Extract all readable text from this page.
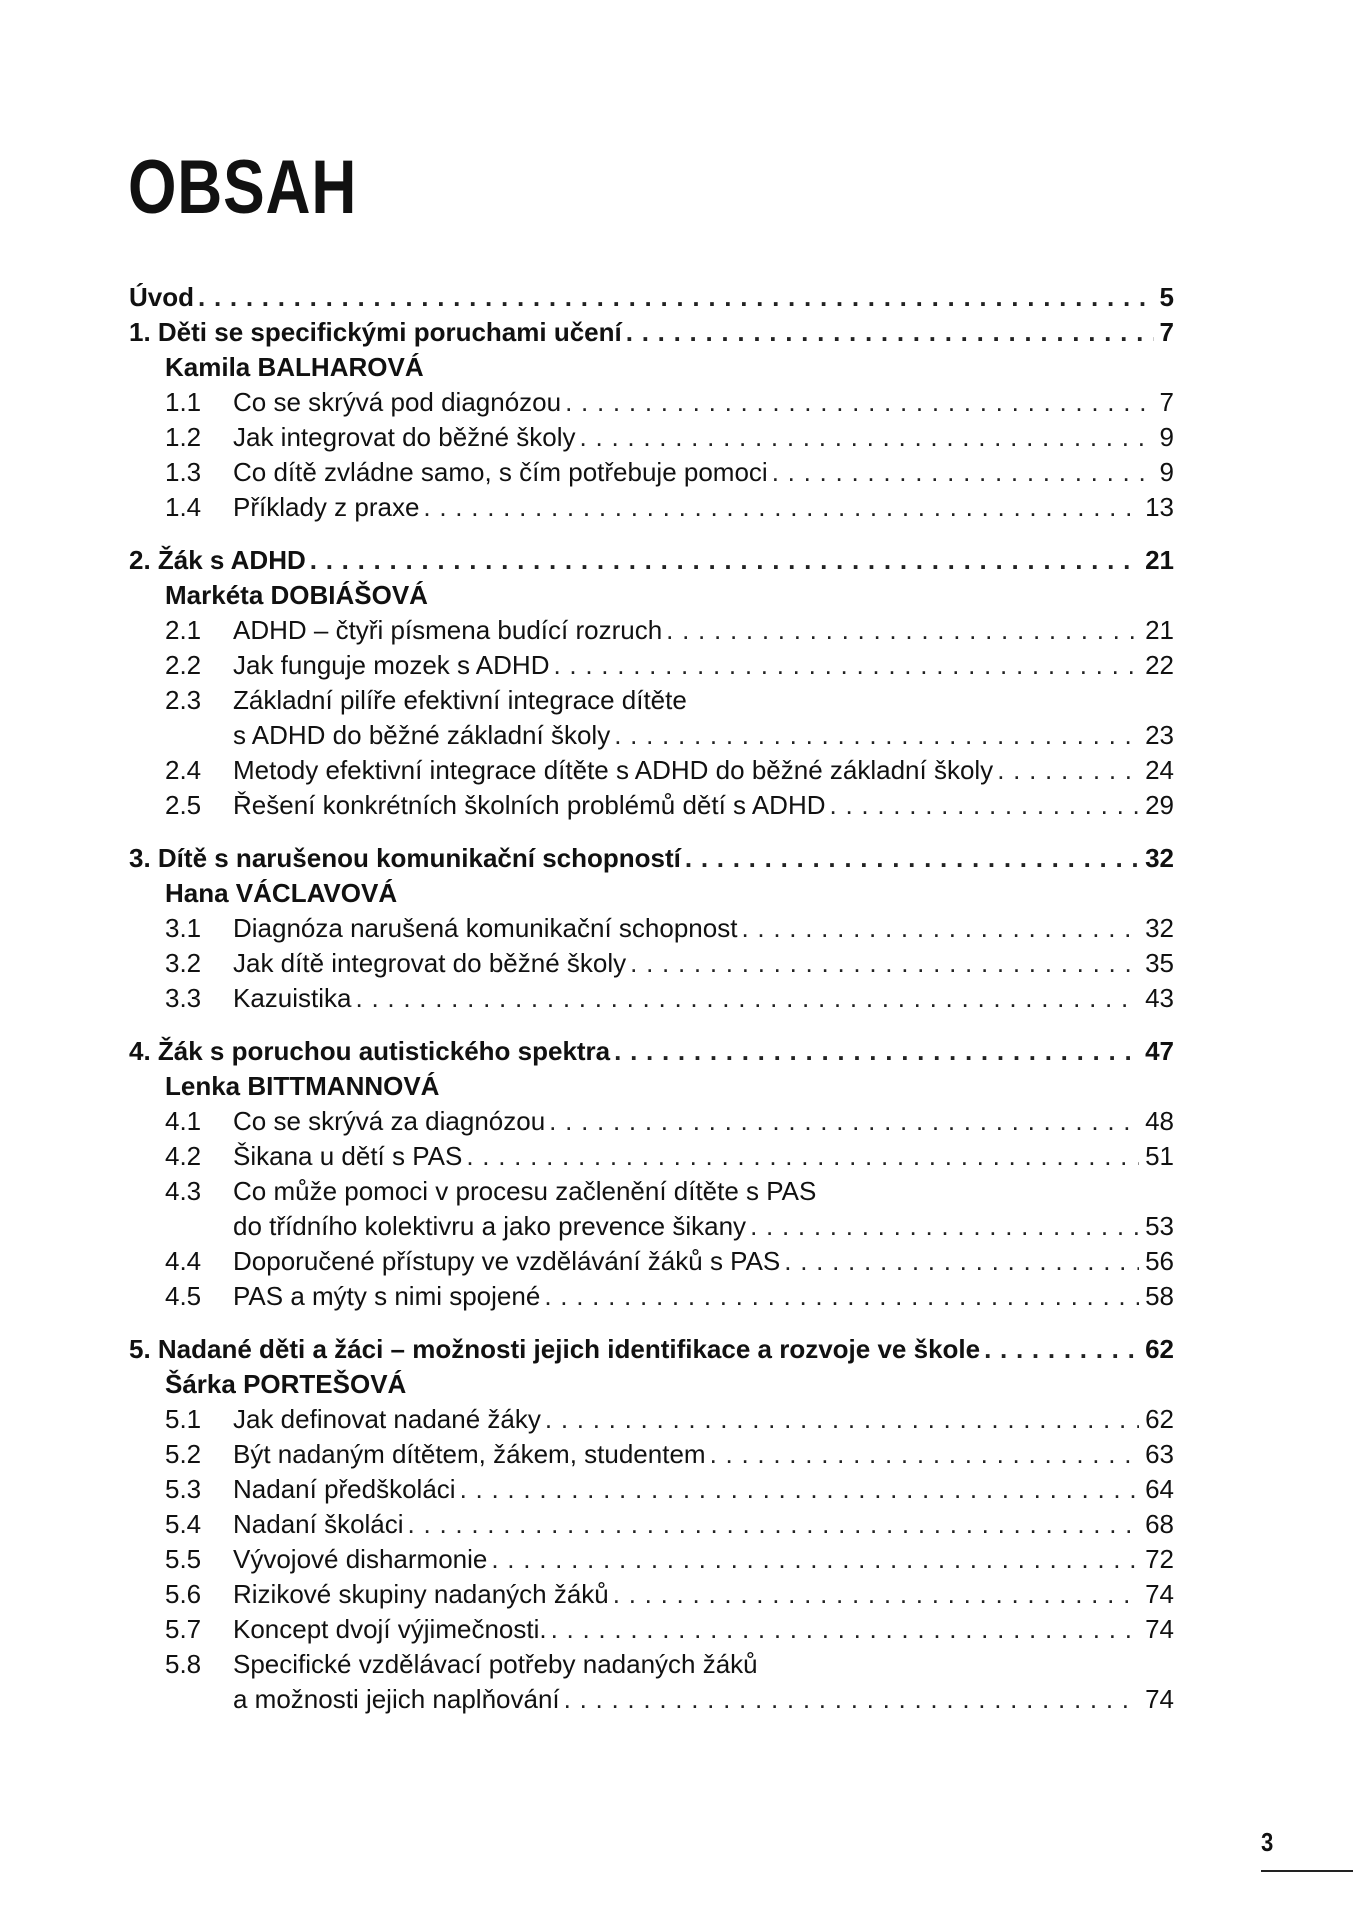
OBSAH
Úvod . . .	5
1. Děti se specifickými poruchami učení . . .	7
Kamila BALHAROVÁ
1.1	Co se skrývá pod diagnózou . . .	7
1.2	Jak integrovat do běžné školy . . .	9
1.3	Co dítě zvládne samo, s čím potřebuje pomoci . . .	9
1.4	Příklady z praxe . . .	13
2. Žák s ADHD . . .	21
Markéta DOBIÁŠOVÁ
2.1	ADHD – čtyři písmena budící rozruch . . .	21
2.2	Jak funguje mozek s ADHD . . .	22
2.3	Základní pilíře efektivní integrace dítěte
s ADHD do běžné základní školy . . .	23
2.4	Metody efektivní integrace dítěte s ADHD do běžné základní školy . . .	24
2.5	Řešení konkrétních školních problémů dětí s ADHD . . .	29
3. Dítě s narušenou komunikační schopností . . .	32
Hana VÁCLAVOVÁ
3.1	Diagnóza narušená komunikační schopnost . . .	32
3.2	Jak dítě integrovat do běžné školy . . .	35
3.3	Kazuistika . . .	43
4. Žák s poruchou autistického spektra . . .	47
Lenka BITTMANNOVÁ
4.1	Co se skrývá za diagnózou . . .	48
4.2	Šikana u dětí s PAS . . .	51
4.3	Co může pomoci v procesu začlenění dítěte s PAS
do třídního kolektivru a jako prevence šikany . . .	53
4.4	Doporučené přístupy ve vzdělávání žáků s PAS . . .	56
4.5	PAS a mýty s nimi spojené . . .	58
5. Nadané děti a žáci – možnosti jejich identifikace a rozvoje ve škole . . .	62
Šárka PORTEŠOVÁ
5.1	Jak definovat nadané žáky . . .	62
5.2	Být nadaným dítětem, žákem, studentem . . .	63
5.3	Nadaní předškoláci . . .	64
5.4	Nadaní školáci . . .	68
5.5	Vývojové disharmonie . . .	72
5.6	Rizikové skupiny nadaných žáků . . .	74
5.7	Koncept dvojí výjimečnosti. . . .	74
5.8	Specifické vzdělávací potřeby nadaných žáků
a možnosti jejich naplňování . . .	74
3
